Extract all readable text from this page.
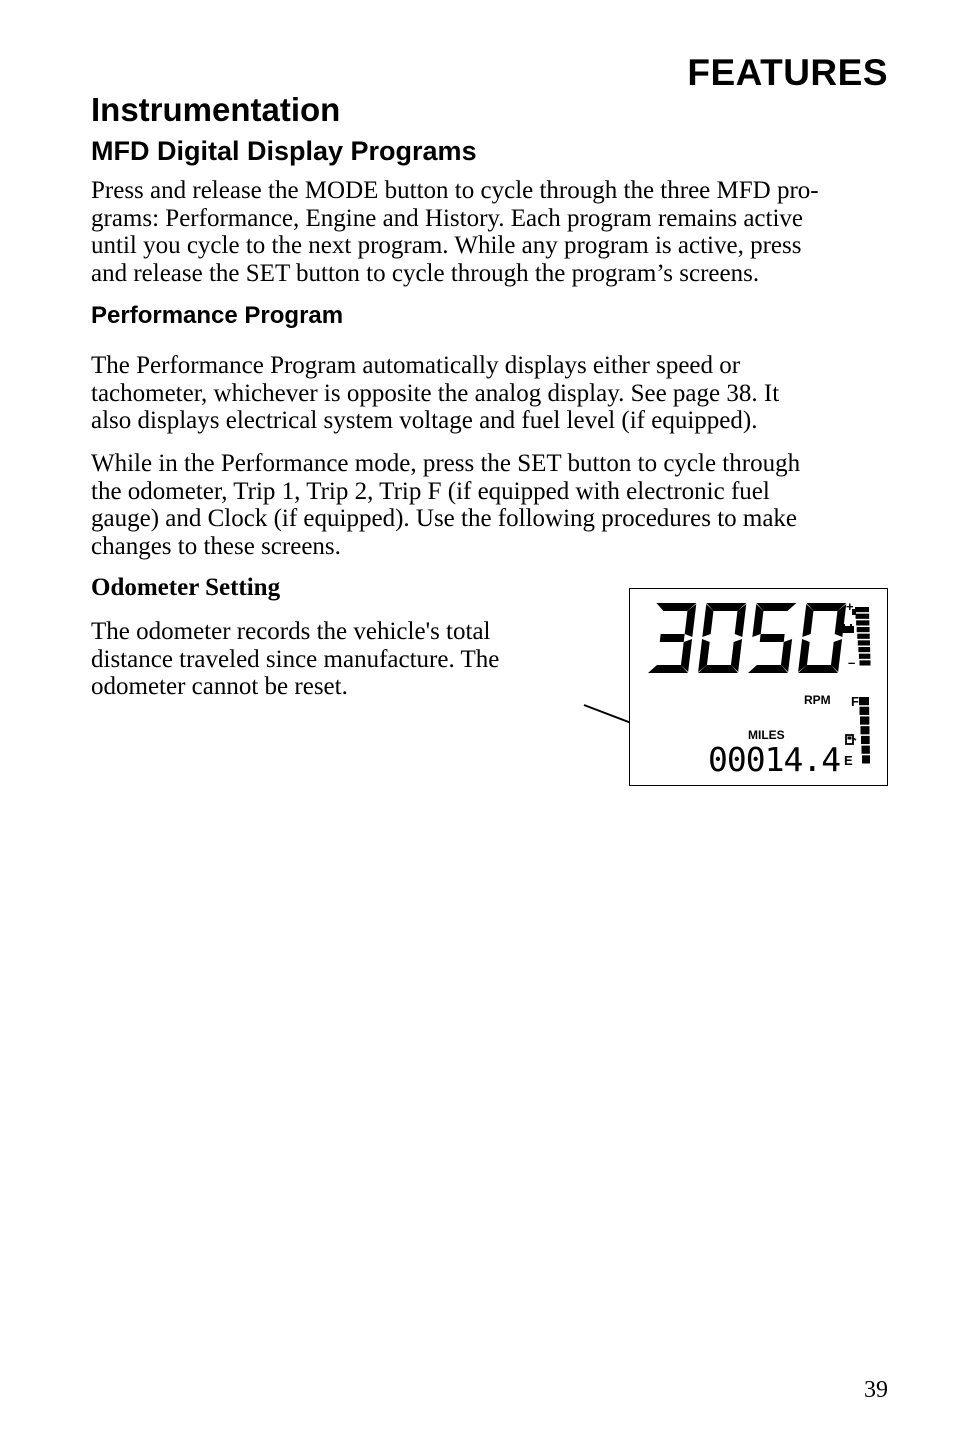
FEATURES
Instrumentation
MFD Digital Display Programs
Press and release the MODE button to cycle through the three MFD pro-
grams: Performance, Engine and History. Each program remains active
until you cycle to the next program. While any program is active, press
and release the SET button to cycle through the program’s screens.
Performance Program
The Performance Program automatically displays either speed or
tachometer, whichever is opposite the analog display. See page 38. It
also displays electrical system voltage and fuel level (if equipped).
While in the Performance mode, press the SET button to cycle through
the odometer, Trip 1, Trip 2, Trip F (if equipped with electronic fuel
gauge) and Clock (if equipped). Use the following procedures to make
changes to these screens.
Odometer Setting
The odometer records the vehicle's total
distance traveled since manufacture. The
odometer cannot be reset.
+
–
RPM F
MILES
E
00014.4
39
